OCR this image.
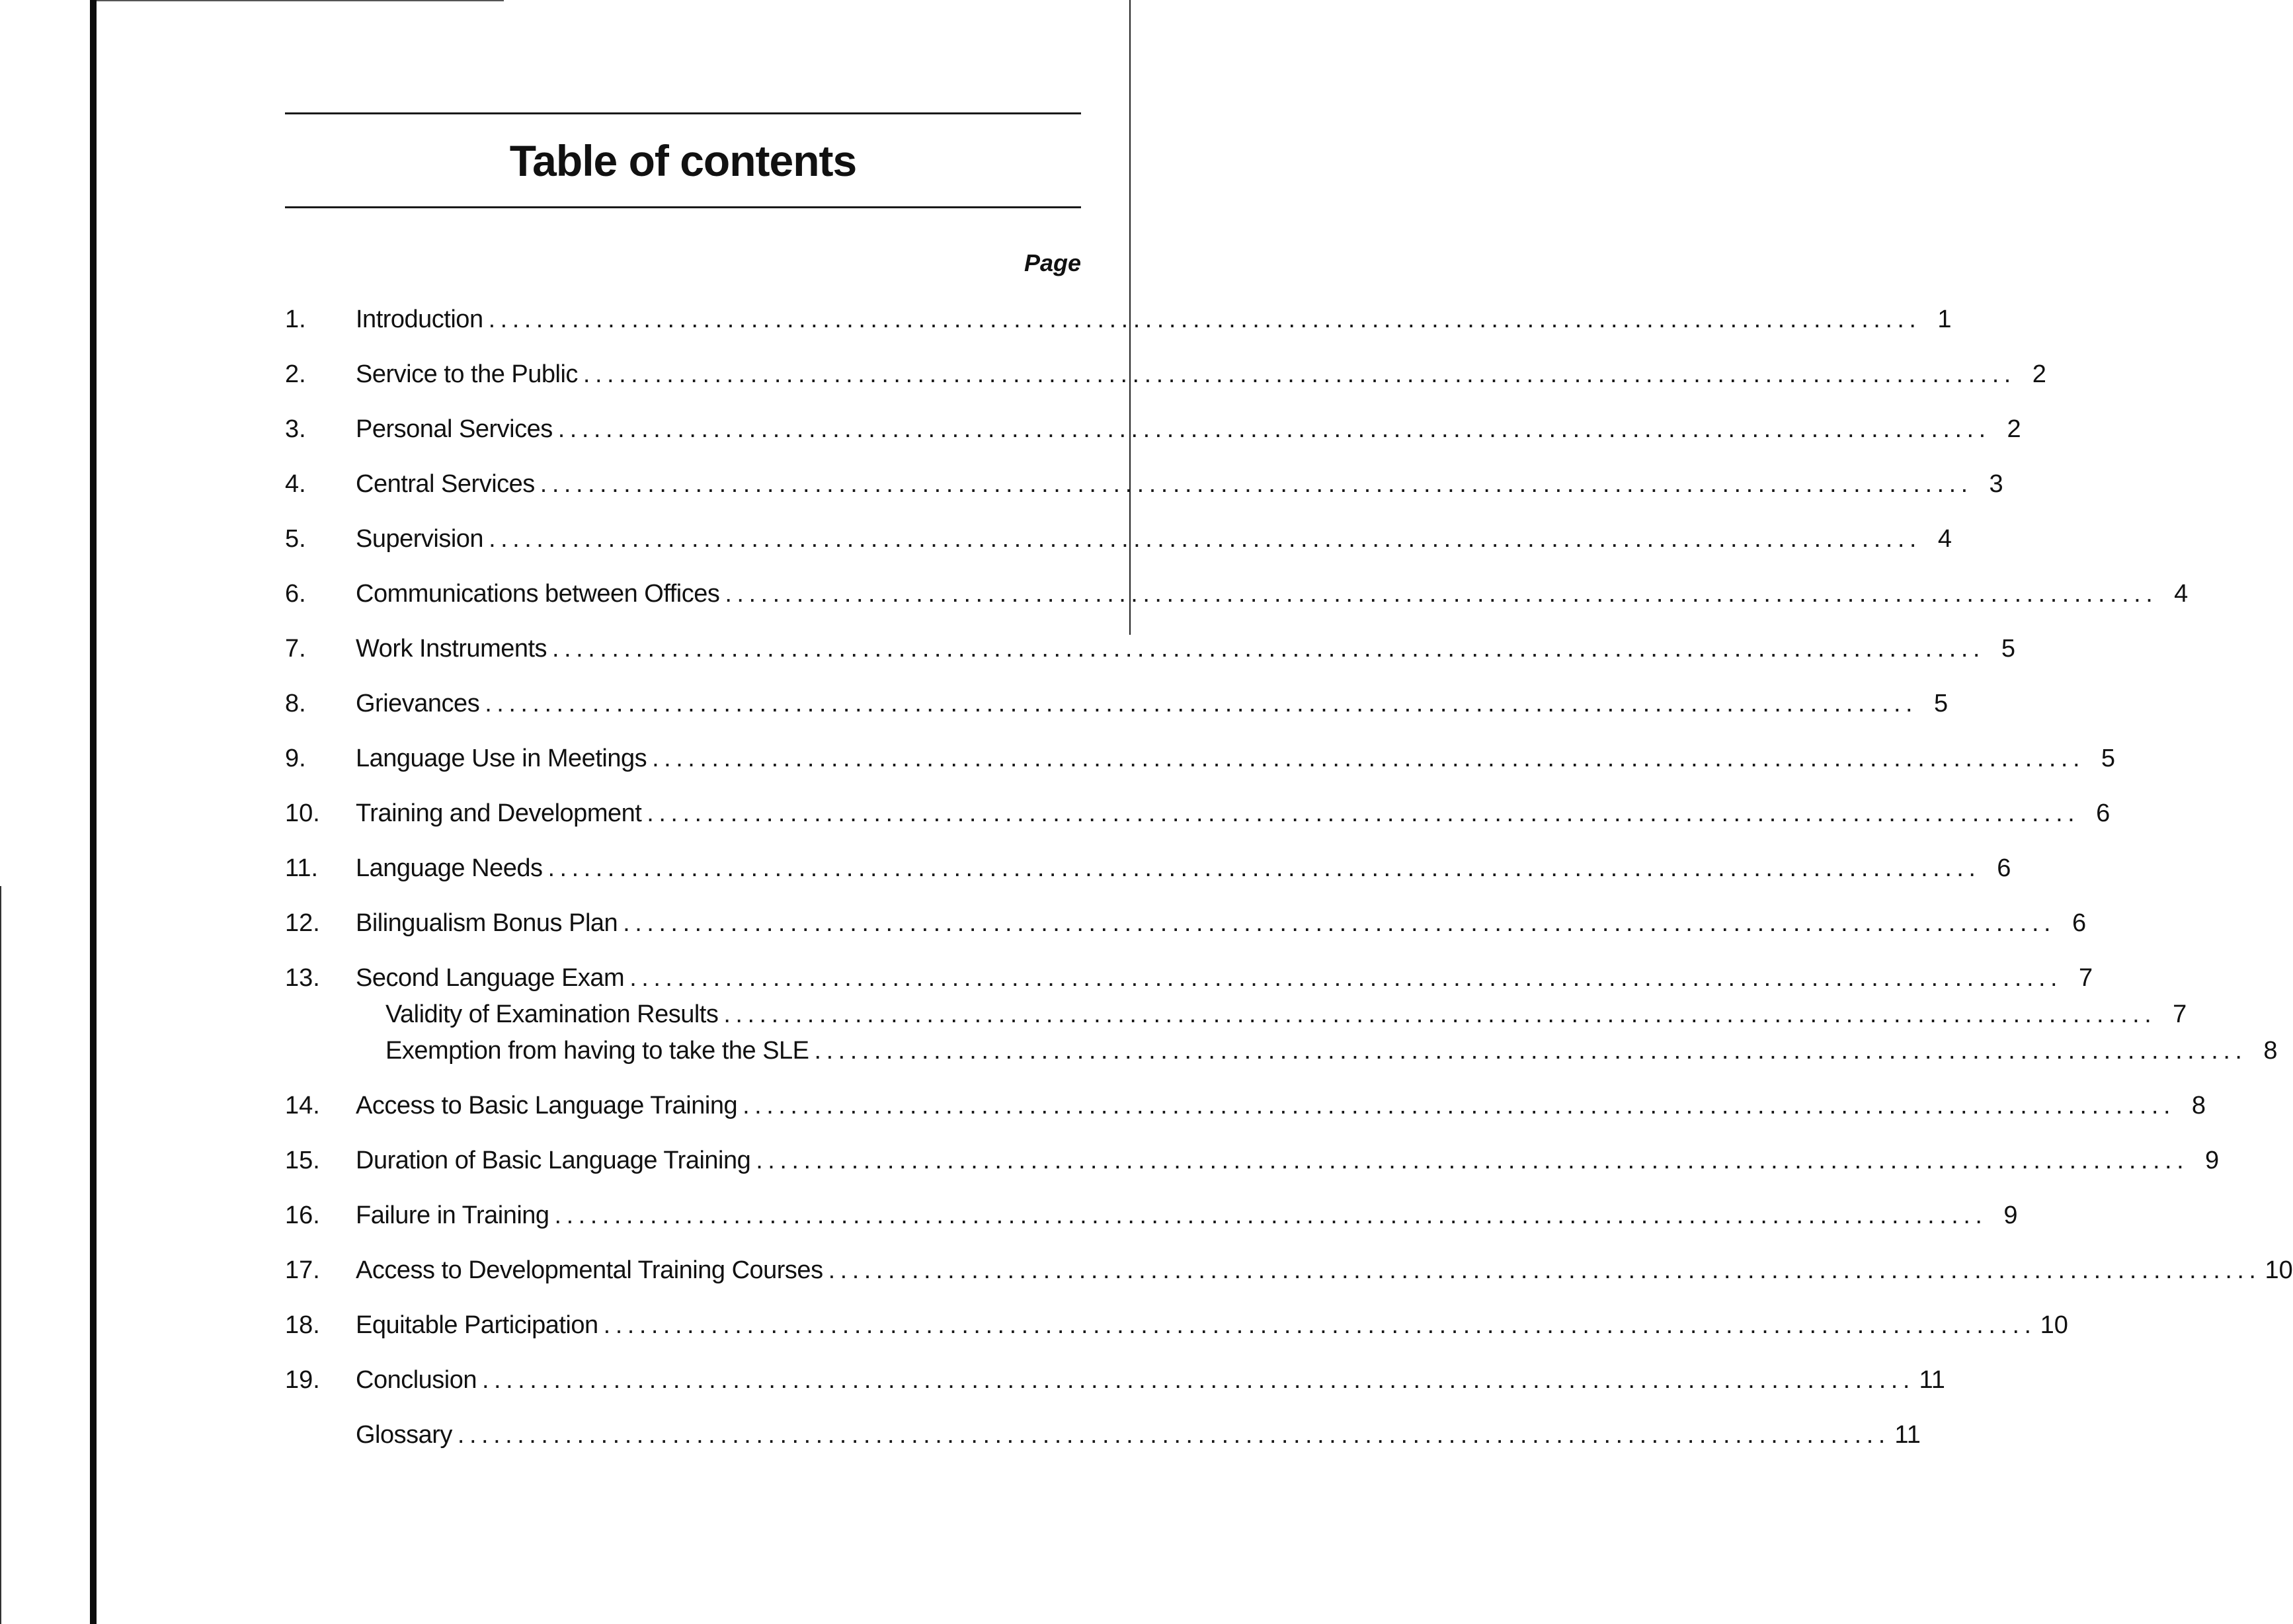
Table of contents
Page
1. Introduction ........................................................................................................................ 1
2. Service to the Public ........................................................................................................................ 2
3. Personal Services ........................................................................................................................ 2
4. Central Services ........................................................................................................................ 3
5. Supervision ........................................................................................................................ 4
6. Communications between Offices ........................................................................................................................ 4
7. Work Instruments ........................................................................................................................ 5
8. Grievances ........................................................................................................................ 5
9. Language Use in Meetings ........................................................................................................................ 5
10. Training and Development ........................................................................................................................ 6
11. Language Needs ........................................................................................................................ 6
12. Bilingualism Bonus Plan ........................................................................................................................ 6
13. Second Language Exam ........................................................................................................................ 7
Validity of Examination Results ........................................................................................................................ 7
Exemption from having to take the SLE ........................................................................................................................ 8
14. Access to Basic Language Training ........................................................................................................................ 8
15. Duration of Basic Language Training ........................................................................................................................ 9
16. Failure in Training ........................................................................................................................ 9
17. Access to Developmental Training Courses ........................................................................................................................ 10
18. Equitable Participation ........................................................................................................................ 10
19. Conclusion ........................................................................................................................ 11
Glossary ........................................................................................................................ 11
